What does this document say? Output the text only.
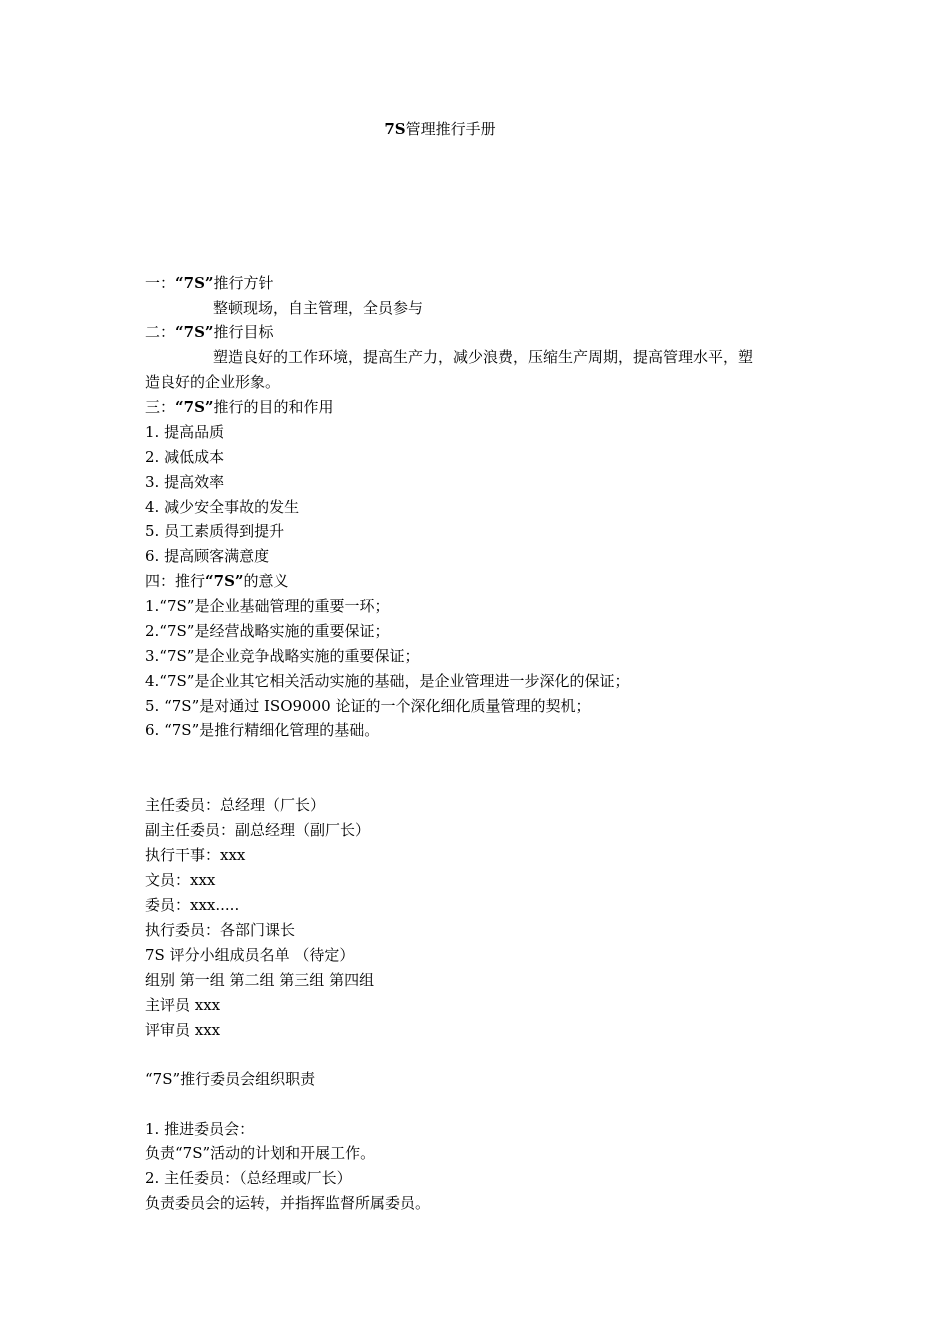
7S管理推行手册
一：“7S”推行方针
整顿现场，自主管理，全员参与
二：“7S”推行目标
塑造良好的工作环境，提高生产力，减少浪费，压缩生产周期，提高管理水平，塑
造良好的企业形象。
三：“7S”推行的目的和作用
1. 提高品质
2. 减低成本
3. 提高效率
4. 减少安全事故的发生
5. 员工素质得到提升
6. 提高顾客满意度
四：推行“7S”的意义
1.“7S”是企业基础管理的重要一环；
2.“7S”是经营战略实施的重要保证；
3.“7S”是企业竞争战略实施的重要保证；
4.“7S”是企业其它相关活动实施的基础，是企业管理进一步深化的保证；
5. “7S”是对通过 ISO9000 论证的一个深化细化质量管理的契机；
6. “7S”是推行精细化管理的基础。
主任委员：总经理（厂长）
副主任委员：副总经理（副厂长）
执行干事：xxx
文员：xxx
委员：xxx.....
执行委员：各部门课长
7S 评分小组成员名单 （待定）
组别 第一组 第二组 第三组 第四组
主评员 xxx
评审员 xxx
“7S”推行委员会组织职责
1. 推进委员会：
负责“7S”活动的计划和开展工作。
2. 主任委员：（总经理或厂长）
负责委员会的运转，并指挥监督所属委员。
